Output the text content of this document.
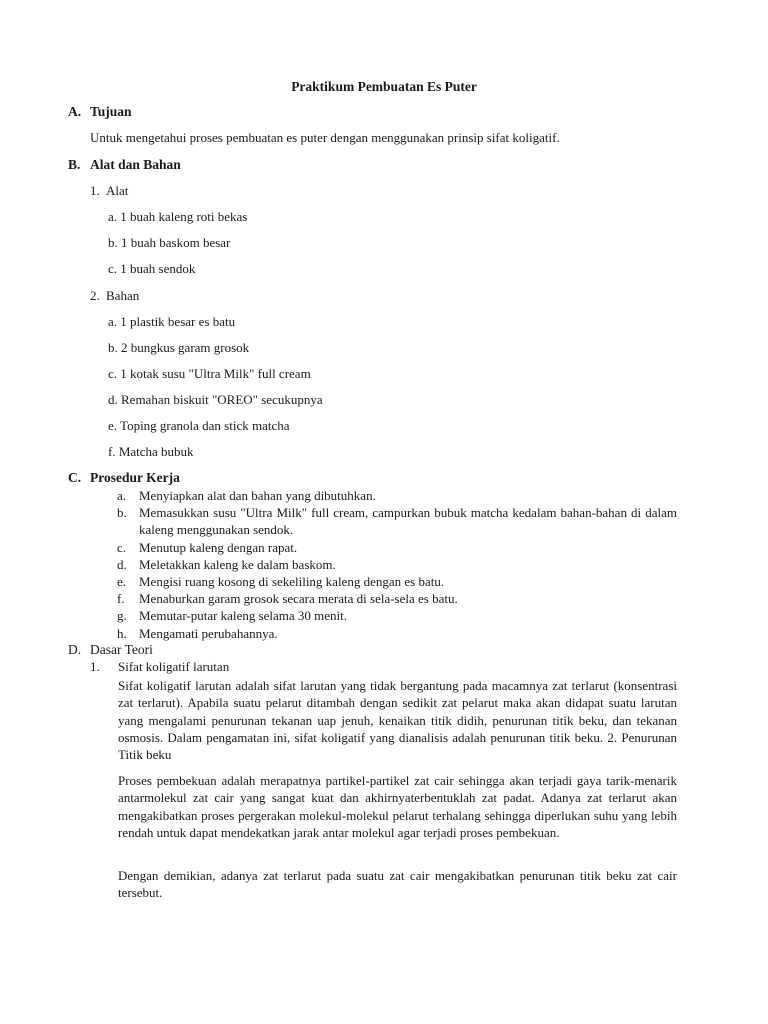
Praktikum Pembuatan Es Puter
A. Tujuan
Untuk mengetahui proses pembuatan es puter dengan menggunakan prinsip sifat koligatif.
B. Alat dan Bahan
1. Alat
a. 1 buah kaleng roti bekas
b. 1 buah baskom besar
c. 1 buah sendok
2. Bahan
a. 1 plastik besar es batu
b. 2 bungkus garam grosok
c. 1 kotak susu "Ultra Milk" full cream
d. Remahan biskuit "OREO" secukupnya
e. Toping granola dan stick matcha
f. Matcha bubuk
C. Prosedur Kerja
a. Menyiapkan alat dan bahan yang dibutuhkan.
b. Memasukkan susu "Ultra Milk" full cream, campurkan bubuk matcha kedalam bahan-bahan di dalam kaleng menggunakan sendok.
c. Menutup kaleng dengan rapat.
d. Meletakkan kaleng ke dalam baskom.
e. Mengisi ruang kosong di sekeliling kaleng dengan es batu.
f. Menaburkan garam grosok secara merata di sela-sela es batu.
g. Memutar-putar kaleng selama 30 menit.
h. Mengamati perubahannya.
D. Dasar Teori
1. Sifat koligatif larutan

Sifat koligatif larutan adalah sifat larutan yang tidak bergantung pada macamnya zat terlarut (konsentrasi zat terlarut). Apabila suatu pelarut ditambah dengan sedikit zat pelarut maka akan didapat suatu larutan yang mengalami penurunan tekanan uap jenuh, kenaikan titik didih, penurunan titik beku, dan tekanan osmosis. Dalam pengamatan ini, sifat koligatif yang dianalisis adalah penurunan titik beku. 2. Penurunan Titik beku

Proses pembekuan adalah merapatnya partikel-partikel zat cair sehingga akan terjadi gaya tarik-menarik antarmolekul zat cair yang sangat kuat dan akhirnyaterbentuklah zat padat. Adanya zat terlarut akan mengakibatkan proses pergerakan molekul-molekul pelarut terhalang sehingga diperlukan suhu yang lebih rendah untuk dapat mendekatkan jarak antar molekul agar terjadi proses pembekuan.

Dengan demikian, adanya zat terlarut pada suatu zat cair mengakibatkan penurunan titik beku zat cair tersebut.
